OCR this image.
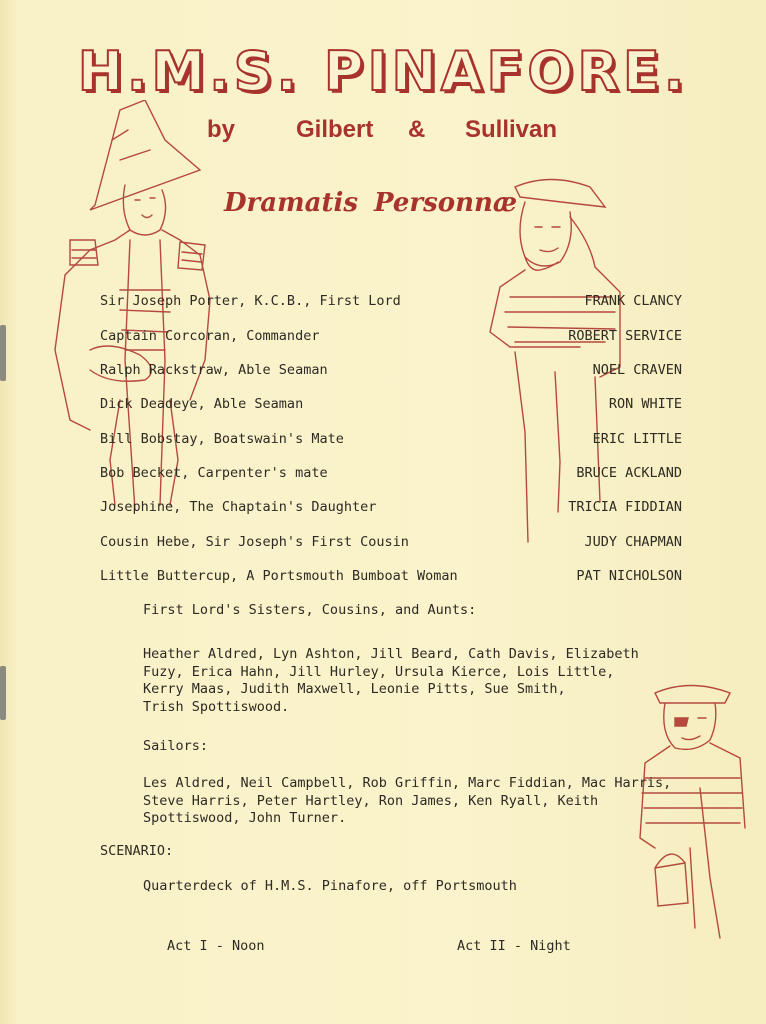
H.M.S. PINAFORE.
by	Gilbert & Sullivan
Dramatis Personnæ
Sir Joseph Porter, K.C.B., First Lord	FRANK CLANCY
Captain Corcoran, Commander	ROBERT SERVICE
Ralph Rackstraw, Able Seaman	NOEL CRAVEN
Dick Deadeye, Able Seaman	RON WHITE
Bill Bobstay, Boatswain's Mate	ERIC LITTLE
Bob Becket, Carpenter's mate	BRUCE ACKLAND
Josephine, The Chaptain's Daughter	TRICIA FIDDIAN
Cousin Hebe, Sir Joseph's First Cousin	JUDY CHAPMAN
Little Buttercup, A Portsmouth Bumboat Woman	PAT NICHOLSON
First Lord's Sisters, Cousins, and Aunts:
Heather Aldred, Lyn Ashton, Jill Beard, Cath Davis, Elizabeth
Fuzy, Erica Hahn, Jill Hurley, Ursula Kierce, Lois Little,
Kerry Maas, Judith Maxwell, Leonie Pitts, Sue Smith,
Trish Spottiswood.
Sailors:
Les Aldred, Neil Campbell, Rob Griffin, Marc Fiddian, Mac Harris,
Steve Harris, Peter Hartley, Ron James, Ken Ryall, Keith
Spottiswood, John Turner.
SCENARIO:
Quarterdeck of H.M.S. Pinafore, off Portsmouth
Act I - Noon	Act II - Night
